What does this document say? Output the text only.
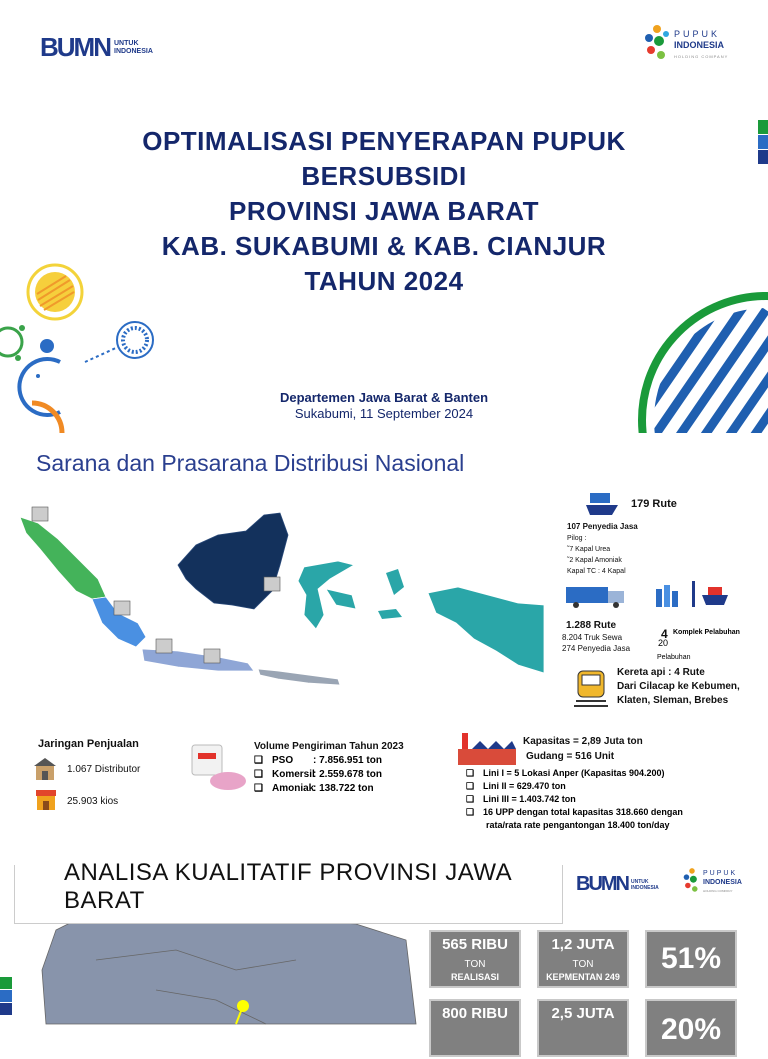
BUMN UNTUK
INDONESIA
PUPUK
INDONESIA
HOLDING COMPANY
OPTIMALISASI PENYERAPAN PUPUK
BERSUBSIDI
PROVINSI JAWA BARAT
KAB. SUKABUMI & KAB. CIANJUR
TAHUN 2024
Departemen Jawa Barat & Banten
Sukabumi, 11 September 2024
Sarana dan Prasarana Distribusi Nasional
179 Rute
107 Penyedia Jasa
Pilog :
˜7 Kapal Urea
˜2 Kapal Amoniak
Kapal TC : 4 Kapal
1.288 Rute
8.204 Truk Sewa
274 Penyedia Jasa
4 Komplek Pelabuhan
20
Pelabuhan
Kereta api : 4 Rute
Dari Cilacap ke Kebumen,
Klaten, Sleman, Brebes
Jaringan Penjualan
1.067 Distributor
25.903 kios
Volume Pengiriman Tahun 2023
❏ PSO	: 7.856.951 ton
❏ Komersil
: 2.559.678 ton
❏ Amoniak
: 138.722 ton
Kapasitas = 2,89 Juta ton
Gudang = 516 Unit
❏ Lini I = 5 Lokasi Anper (Kapasitas 904.200)
❏ Lini II = 629.470 ton
❏ Lini III = 1.403.742 ton
❏ 16 UPP dengan total kapasitas 318.660 dengan
rata/rata rate pengantongan 18.400 ton/day
ANALISA KUALITATIF PROVINSI JAWA BARAT
BUMN UNTUK
INDONESIA
PUPUK
INDONESIA
HOLDING COMPANY
565 RIBU
TON
REALISASI
1,2 JUTA
TON
KEPMENTAN 249
51%
800 RIBU	2,5 JUTA	20%
